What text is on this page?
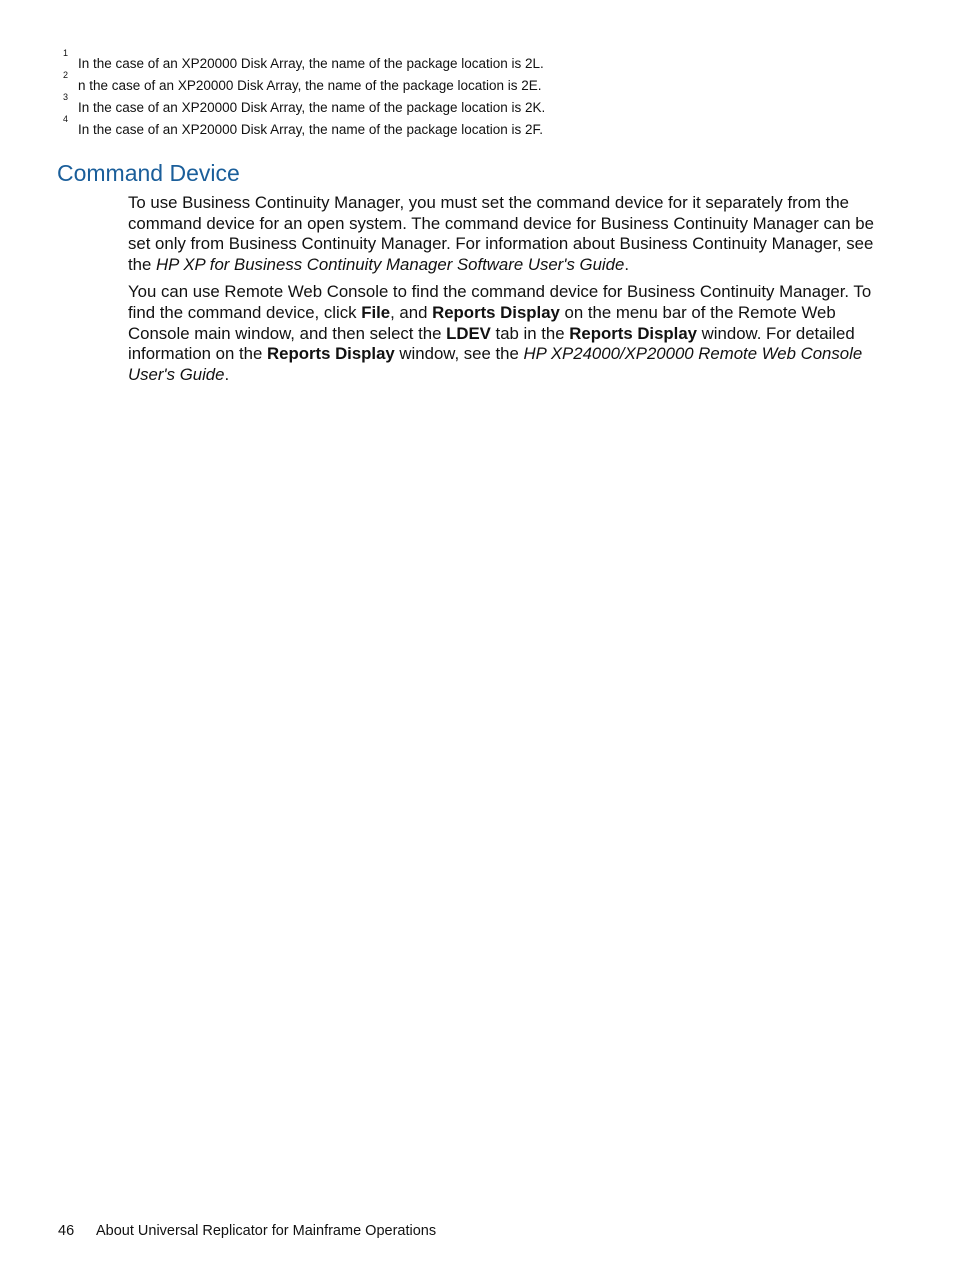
1
In the case of an XP20000 Disk Array, the name of the package location is 2L.
2
n the case of an XP20000 Disk Array, the name of the package location is 2E.
3
In the case of an XP20000 Disk Array, the name of the package location is 2K.
4
In the case of an XP20000 Disk Array, the name of the package location is 2F.
Command Device

To use Business Continuity Manager, you must set the command device for it separately from the command device for an open system. The command device for Business Continuity Manager can be set only from Business Continuity Manager. For information about Business Continuity Manager, see the HP XP for Business Continuity Manager Software User's Guide.

You can use Remote Web Console to find the command device for Business Continuity Manager. To find the command device, click File, and Reports Display on the menu bar of the Remote Web Console main window, and then select the LDEV tab in the Reports Display window. For detailed information on the Reports Display window, see the HP XP24000/XP20000 Remote Web Console User's Guide.

46 About Universal Replicator for Mainframe Operations
